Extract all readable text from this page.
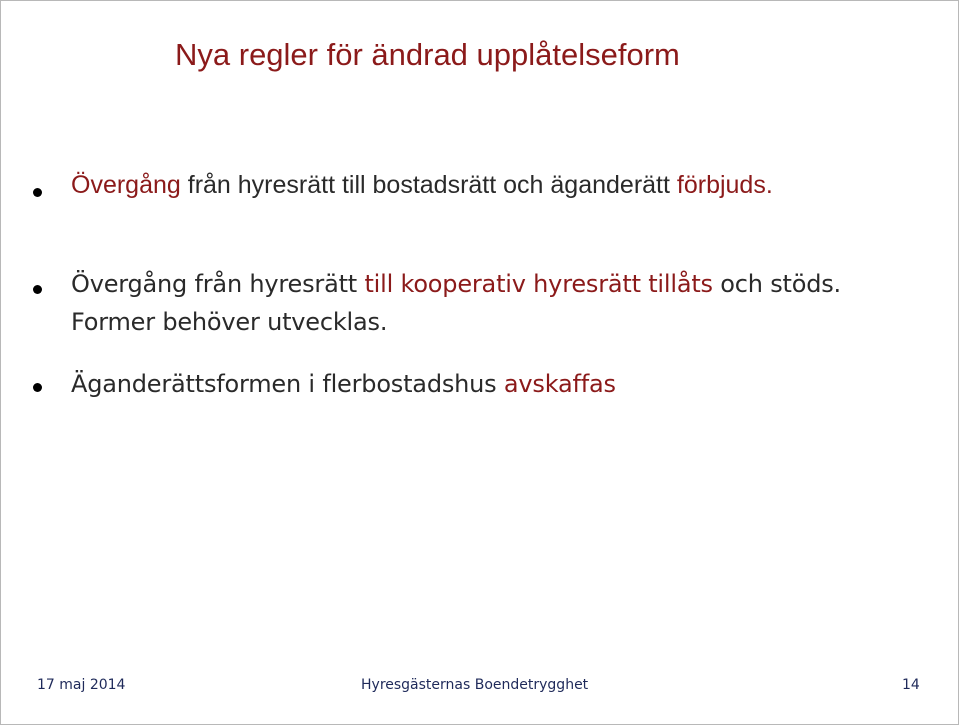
Nya regler för ändrad upplåtelseform
Övergång från hyresrätt till bostadsrätt och äganderätt förbjuds.
Övergång från hyresrätt till kooperativ hyresrätt tillåts och stöds. Former behöver utvecklas.
Äganderättsformen i flerbostadshus avskaffas
17 maj 2014	Hyresgästernas Boendetrygghet	14
